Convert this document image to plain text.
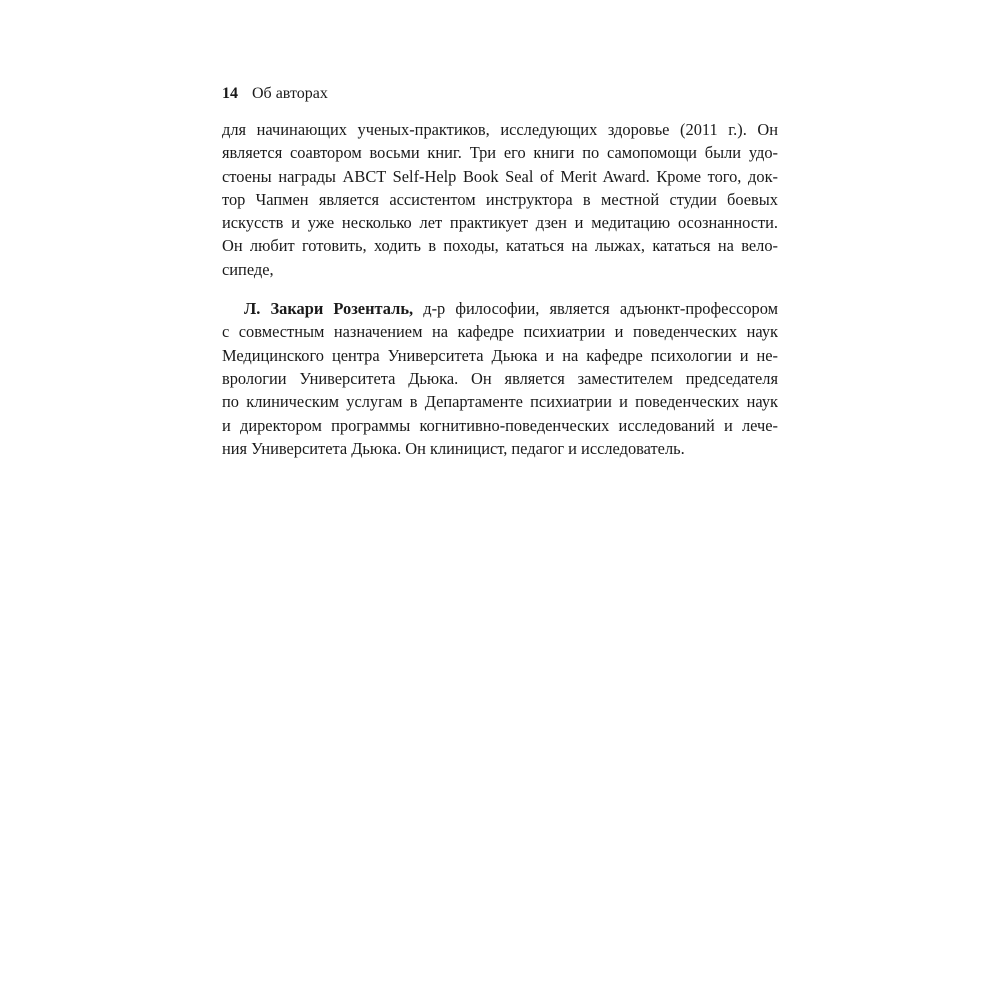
14 Об авторах
для начинающих ученых-практиков, исследующих здоровье (2011 г.). Он
является соавтором восьми книг. Три его книги по самопомощи были удо-
стоены награды ABCT Self-Help Book Seal of Merit Award. Кроме того, док-
тор Чапмен является ассистентом инструктора в местной студии боевых
искусств и уже несколько лет практикует дзен и медитацию осознанности.
Он любит готовить, ходить в походы, кататься на лыжах, кататься на вело-
сипеде,
Л. Закари Розенталь, д-р философии, является адъюнкт-профессором
с совместным назначением на кафедре психиатрии и поведенческих наук
Медицинского центра Университета Дьюка и на кафедре психологии и не-
врологии Университета Дьюка. Он является заместителем председателя
по клиническим услугам в Департаменте психиатрии и поведенческих наук
и директором программы когнитивно-поведенческих исследований и лече-
ния Университета Дьюка. Он клиницист, педагог и исследователь.
